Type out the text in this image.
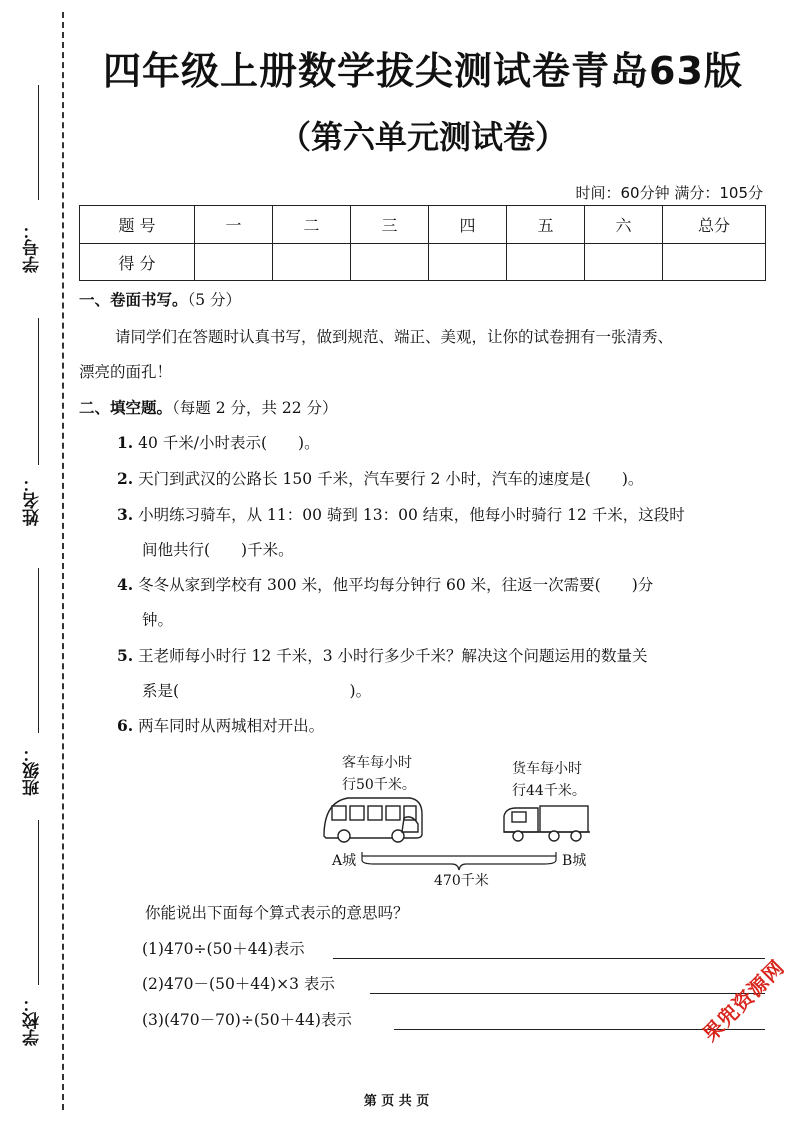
学号：
姓名：
班级：
学校：
四年级上册数学拔尖测试卷青岛63版
（第六单元测试卷）
时间：60分钟 满分：105分
题 号	一	二	三	四	五	六	总分
得 分							
一、卷面书写。（5 分）
请同学们在答题时认真书写，做到规范、端正、美观，让你的试卷拥有一张清秀、
漂亮的面孔！
二、填空题。（每题 2 分，共 22 分）
1. 40 千米/小时表示(　　)。
2. 天门到武汉的公路长 150 千米，汽车要行 2 小时，汽车的速度是(　　)。
3. 小明练习骑车，从 11：00 骑到 13：00 结束，他每小时骑行 12 千米，这段时
间他共行(　　)千米。
4. 冬冬从家到学校有 300 米，他平均每分钟行 60 米，往返一次需要(　　)分
钟。
5. 王老师每小时行 12 千米，3 小时行多少千米？解决这个问题运用的数量关
系是(　　　　　　　　　　　)。
6. 两车同时从两城相对开出。
客车每小时
行50千米。
货车每小时
行44千米。
A城	B城
470千米
你能说出下面每个算式表示的意思吗？
(1)470÷(50＋44)表示
(2)470－(50＋44)×3 表示
(3)(470－70)÷(50＋44)表示	果兜资源网
第 页 共 页
